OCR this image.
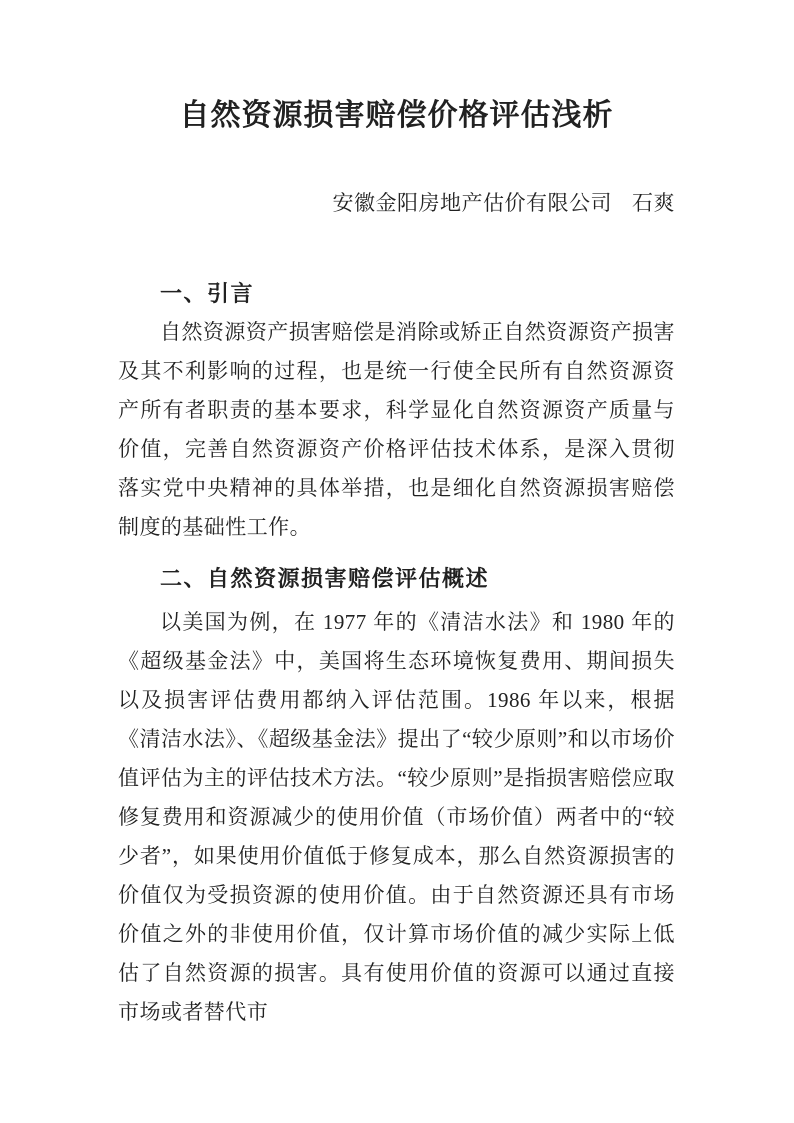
自然资源损害赔偿价格评估浅析
安徽金阳房地产估价有限公司 石爽
一、引言

自然资源资产损害赔偿是消除或矫正自然资源资产损害及其不利影响的过程，也是统一行使全民所有自然资源资产所有者职责的基本要求，科学显化自然资源资产质量与价值，完善自然资源资产价格评估技术体系，是深入贯彻落实党中央精神的具体举措，也是细化自然资源损害赔偿制度的基础性工作。

二、自然资源损害赔偿评估概述

以美国为例，在 1977 年的《清洁水法》和 1980 年的《超级基金法》中，美国将生态环境恢复费用、期间损失以及损害评估费用都纳入评估范围。1986 年以来，根据《清洁水法》、《超级基金法》提出了“较少原则”和以市场价值评估为主的评估技术方法。“较少原则”是指损害赔偿应取修复费用和资源减少的使用价值（市场价值）两者中的“较少者”，如果使用价值低于修复成本，那么自然资源损害的价值仅为受损资源的使用价值。由于自然资源还具有市场价值之外的非使用价值，仅计算市场价值的减少实际上低估了自然资源的损害。具有使用价值的资源可以通过直接市场或者替代市
